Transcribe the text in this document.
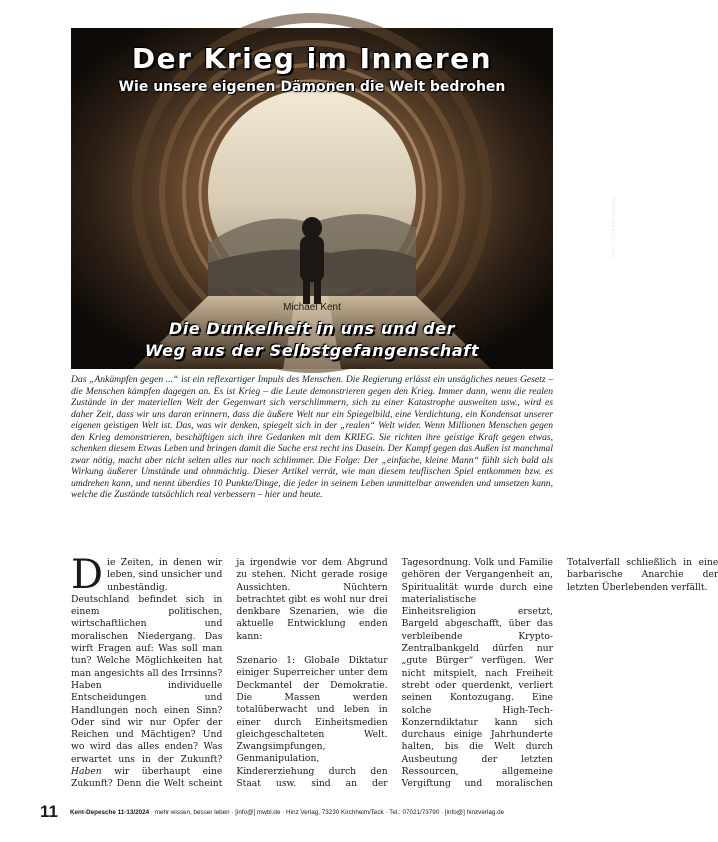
Der Krieg im Inneren
Wie unsere eigenen Dämonen die Welt bedrohen
Foto: "CLEO" mittels pixabay.ai
Michael Kent
Die Dunkelheit in uns und der
Weg aus der Selbstgefangenschaft

Das „Ankämpfen gegen ...“ ist ein reflexartiger Impuls des Menschen. Die Regierung erlässt ein unsägliches neues Gesetz – die Menschen kämpfen dagegen an. Es ist Krieg – die Leute demonstrieren gegen den Krieg. Immer dann, wenn die realen Zustände in der materiellen Welt der Gegenwart sich verschlimmern, sich zu einer Katastrophe ausweiten usw., wird es daher Zeit, dass wir uns daran erinnern, dass die äußere Welt nur ein Spiegelbild, eine Verdichtung, ein Kondensat unserer eigenen geistigen Welt ist. Das, was wir denken, spiegelt sich in der „realen“ Welt wider. Wenn Millionen Menschen gegen den Krieg demonstrieren, beschäftigen sich ihre Gedanken mit dem KRIEG. Sie richten ihre geistige Kraft gegen etwas, schenken diesem Etwas Leben und bringen damit die Sache erst recht ins Dasein. Der Kampf gegen das Außen ist manchmal zwar nötig, macht aber nicht selten alles nur noch schlimmer. Die Folge: Der „einfache, kleine Mann“ fühlt sich bald als Wirkung äußerer Umstände und ohnmächtig. Dieser Artikel verrät, wie man diesem teuflischen Spiel entkommen bzw. es umdrehen kann, und nennt überdies 10 Punkte/Dinge, die jeder in seinem Leben unmittelbar anwenden und umsetzen kann, welche die Zustände tatsächlich real verbessern – hier und heute.

Die Zeiten, in denen wir leben, sind unsicher und unbeständig. Deutschland befindet sich in einem politischen, wirtschaftlichen und moralischen Niedergang. Das wirft Fragen auf: Was soll man tun? Welche Möglichkeiten hat man angesichts all des Irrsinns? Haben individuelle Entscheidungen und Handlungen noch einen Sinn? Oder sind wir nur Opfer der Reichen und Mächtigen? Und wo wird das alles enden? Was erwartet uns in der Zukunft? Haben wir überhaupt eine Zukunft? Denn die Welt scheint ja irgendwie vor dem Abgrund zu stehen. Nicht gerade rosige Aussichten. Nüchtern betrachtet gibt es wohl nur drei denkbare Szenarien, wie die aktuelle Entwicklung enden kann:

Szenario 1: Globale Diktatur einiger Superreicher unter dem Deckmantel der Demokratie. Die Massen werden totalüberwacht und leben in einer durch Einheitsmedien gleichgeschalteten Welt. Zwangsimpfungen, Genmanipulation, Kindererziehung durch den Staat usw. sind an der Tagesordnung. Volk und Familie gehören der Vergangenheit an, Spiritualität wurde durch eine materialistische Einheitsreligion ersetzt, Bargeld abgeschafft, über das verbleibende Krypto-Zentralbankgeld dürfen nur „gute Bürger“ verfügen. Wer nicht mitspielt, nach Freiheit strebt oder querdenkt, verliert seinen Kontozugang. Eine solche High-Tech-Konzerndiktatur kann sich durchaus einige Jahrhunderte halten, bis die Welt durch Ausbeutung der letzten Ressourcen, allgemeine Vergiftung und moralischen Totalverfall schließlich in eine barbarische Anarchie der letzten Überlebenden verfällt.

11 Kent-Depesche 11-13/2024 · mehr wissen, besser leben · [info@] mwbl.de · Hinz Verlag, 73230 Kirchheim/Teck · Tel.: 07021/73790 · [info@] hinzverlag.de
